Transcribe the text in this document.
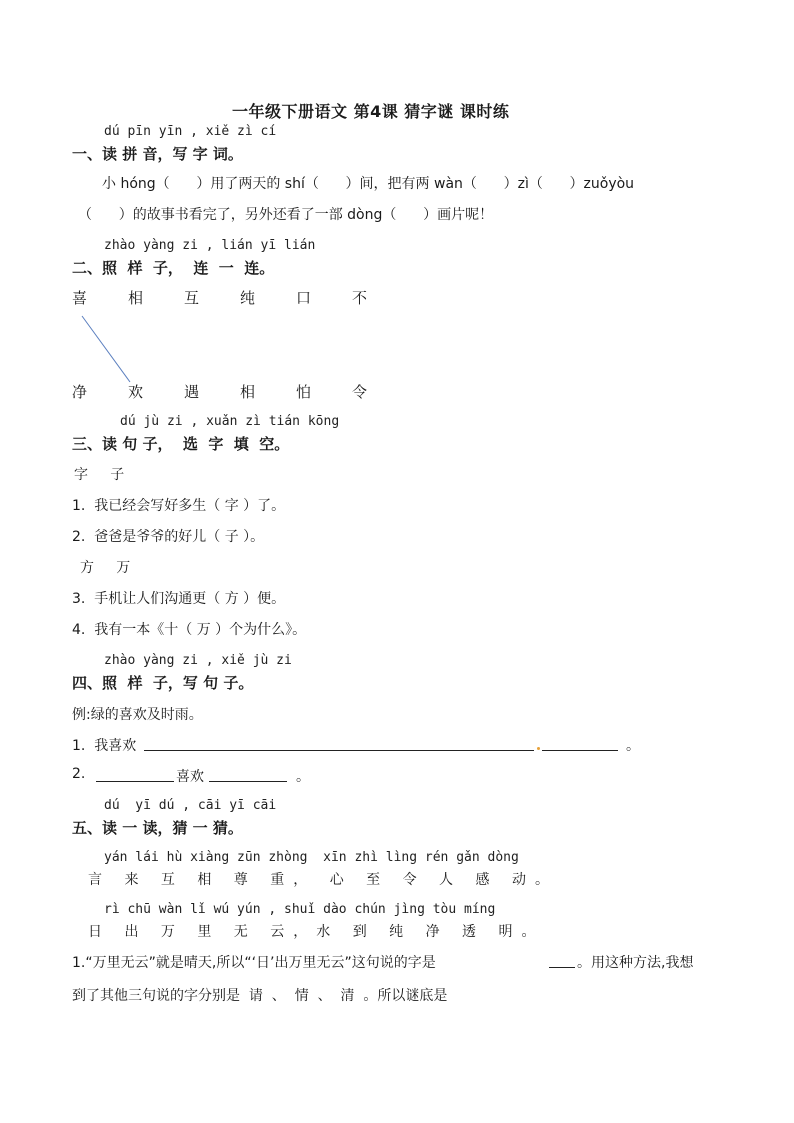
一年级下册语文 第4课 猜字谜 课时练
dú pīn yīn , xiě zì cí
一、读 拼 音，写 字 词。
小 hóng（      ）用了两天的 shí（      ）间，把有两 wàn（      ）zì（      ）zuǒyòu
（      ）的故事书看完了，另外还看了一部 dòng（      ）画片呢！
zhào yàng zi , lián yī lián
二、照  样  子，  连  一  连。
喜	相	互	纯	口	不
净	欢	遇	相	怕	令
dú jù zi , xuǎn zì tián kōng
三、读 句 子，  选  字  填  空。
字     子
1.  我已经会写好多生（ 字 ）了。
2.  爸爸是爷爷的好儿（ 子 ）。
方     万
3.  手机让人们沟通更（ 方 ）便。
4.  我有一本《十（ 万 ）个为什么》。
zhào yàng zi , xiě jù zi
四、照  样  子，写 句 子。
例:绿的喜欢及时雨。
1.  我喜欢	。
2.	喜欢	。
dú  yī dú , cāi yī cāi
五、读 一 读，猜 一 猜。
yán lái hù xiàng zūn zhòng  xīn zhì lìng rén gǎn dòng
言 来 互 相 尊 重， 心 至 令 人 感 动。
rì chū wàn lǐ wú yún , shuǐ dào chún jìng tòu míng
日 出 万 里 无 云，水 到 纯 净 透 明。
1.“万里无云”就是晴天,所以“‘日’出万里无云”这句说的字是	。用这种方法,我想
到了其他三句说的字分别是  请  、  情  、  清  。所以谜底是
